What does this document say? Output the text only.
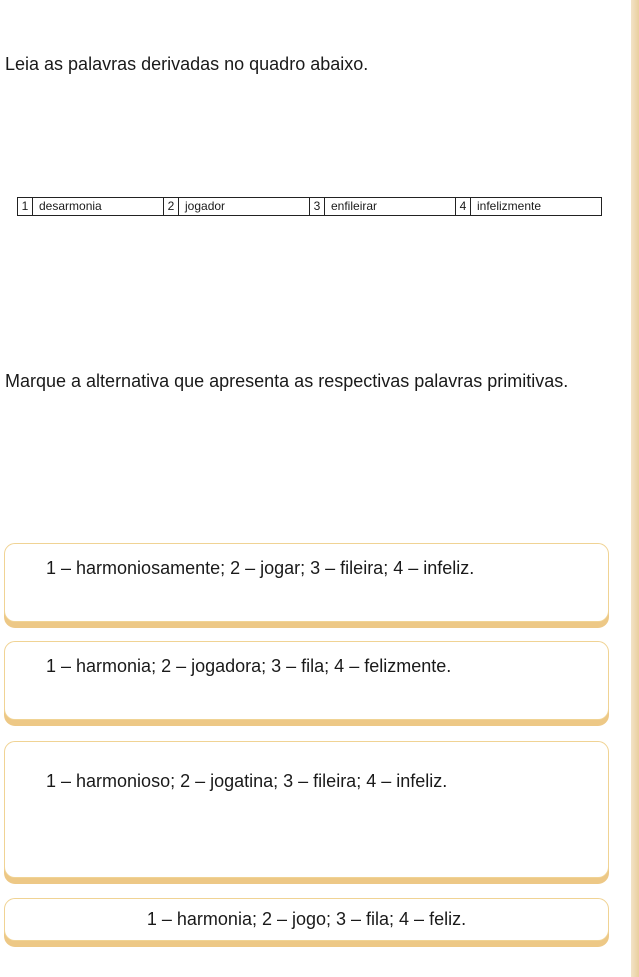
Leia as palavras derivadas no quadro abaixo.

1	desarmonia	2	jogador	3	enfileirar	4	infelizmente

Marque a alternativa que apresenta as respectivas palavras primitivas.

1 – harmoniosamente; 2 – jogar; 3 – fileira; 4 – infeliz.
1 – harmonia; 2 – jogadora; 3 – fila; 4 – felizmente.
1 – harmonioso; 2 – jogatina; 3 – fileira; 4 – infeliz.
1 – harmonia; 2 – jogo; 3 – fila; 4 – feliz.
